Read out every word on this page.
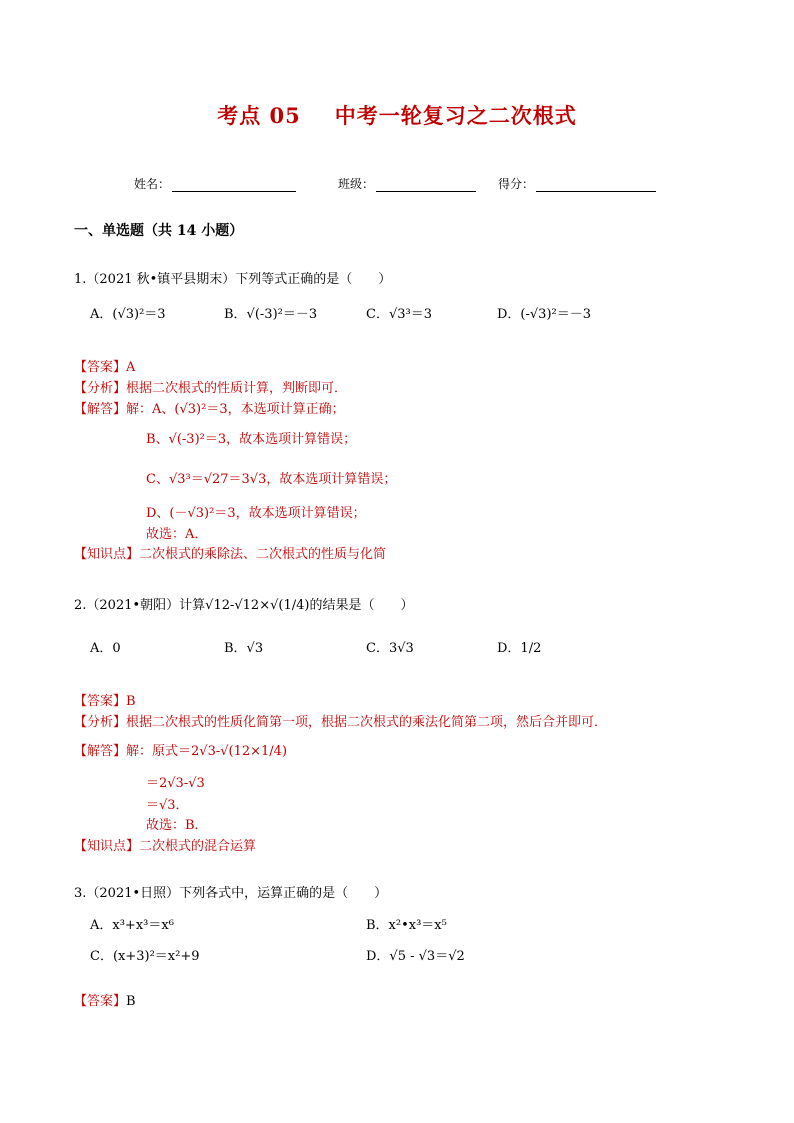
考点 05 中考一轮复习之二次根式
姓名：	班级：	得分：
一、单选题（共 14 小题）
1.（2021 秋•镇平县期末）下列等式正确的是（　　）
A．(√3)²＝3	B．√(-3)²＝－3	C．√3³＝3	D．(-√3)²＝－3
【答案】A
【分析】根据二次根式的性质计算，判断即可．
【解答】解：A、(√3)²＝3，本选项计算正确；
B、√(-3)²＝3，故本选项计算错误；
C、√3³＝√27＝3√3，故本选项计算错误；
D、(－√3)²＝3，故本选项计算错误；
故选：A．
【知识点】二次根式的乘除法、二次根式的性质与化简
2.（2021•朝阳）计算√12-√12×√(1/4)的结果是（　　）
A．0	B．√3	C．3√3	D．1/2
【答案】B
【分析】根据二次根式的性质化简第一项，根据二次根式的乘法化简第二项，然后合并即可．
【解答】解：原式＝2√3-√(12×1/4)
＝2√3-√3
＝√3．
故选：B．
【知识点】二次根式的混合运算
3.（2021•日照）下列各式中，运算正确的是（　　）
A．x³+x³＝x⁶	B．x²•x³＝x⁵
C．(x+3)²＝x²+9	D．√5 - √3＝√2
【答案】B
